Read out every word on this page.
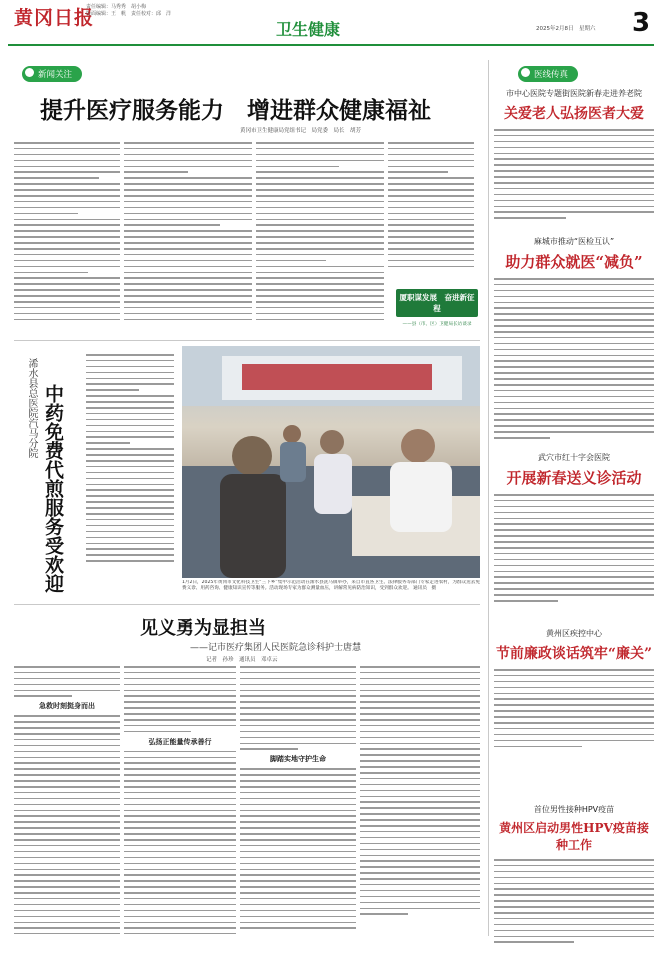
黄冈日报
责任编辑：马秀秀　胡小梅
版面编辑：王　帆　责任校对：邱　洋
卫生健康	2025年2月8日　星期六 3
新闻关注
提升医疗服务能力　增进群众健康福祉
黄冈市卫生健康局党组书记　局党委　局长　胡芳
厦职谋发展　奋进新征程
——县（市、区）卫健局长访谈录
浠水县总医院汽马分院 中药免费代煎服务受欢迎	1月2日，2025年黄冈市文化科技卫生“三下乡”集中示范活动在浠水县洗马镇举办，来自市直各卫生、法律服务等部门专家走进农村，为群众送去免费义诊、用药咨询、健康知识宣传等服务。活动现场专家为群众测量血压，讲解常见病防治知识，受到群众欢迎。 通讯员　摄
见义勇为显担当
——记市医疗集团人民医院急诊科护士唐慧
记者　孙珍　通讯员　邓卓云
急救时刻挺身而出
弘扬正能量传承善行
脚踏实地守护生命
医线传真
市中心医院专题街医院新春走进养老院
关爱老人弘扬医者大爱
麻城市推动“医检互认”
助力群众就医“减负”
武穴市红十字会医院
开展新春送义诊活动
黄州区疾控中心
节前廉政谈话筑牢“廉关”
首位男性接种HPV疫苗
黄州区启动男性HPV疫苗接种工作
